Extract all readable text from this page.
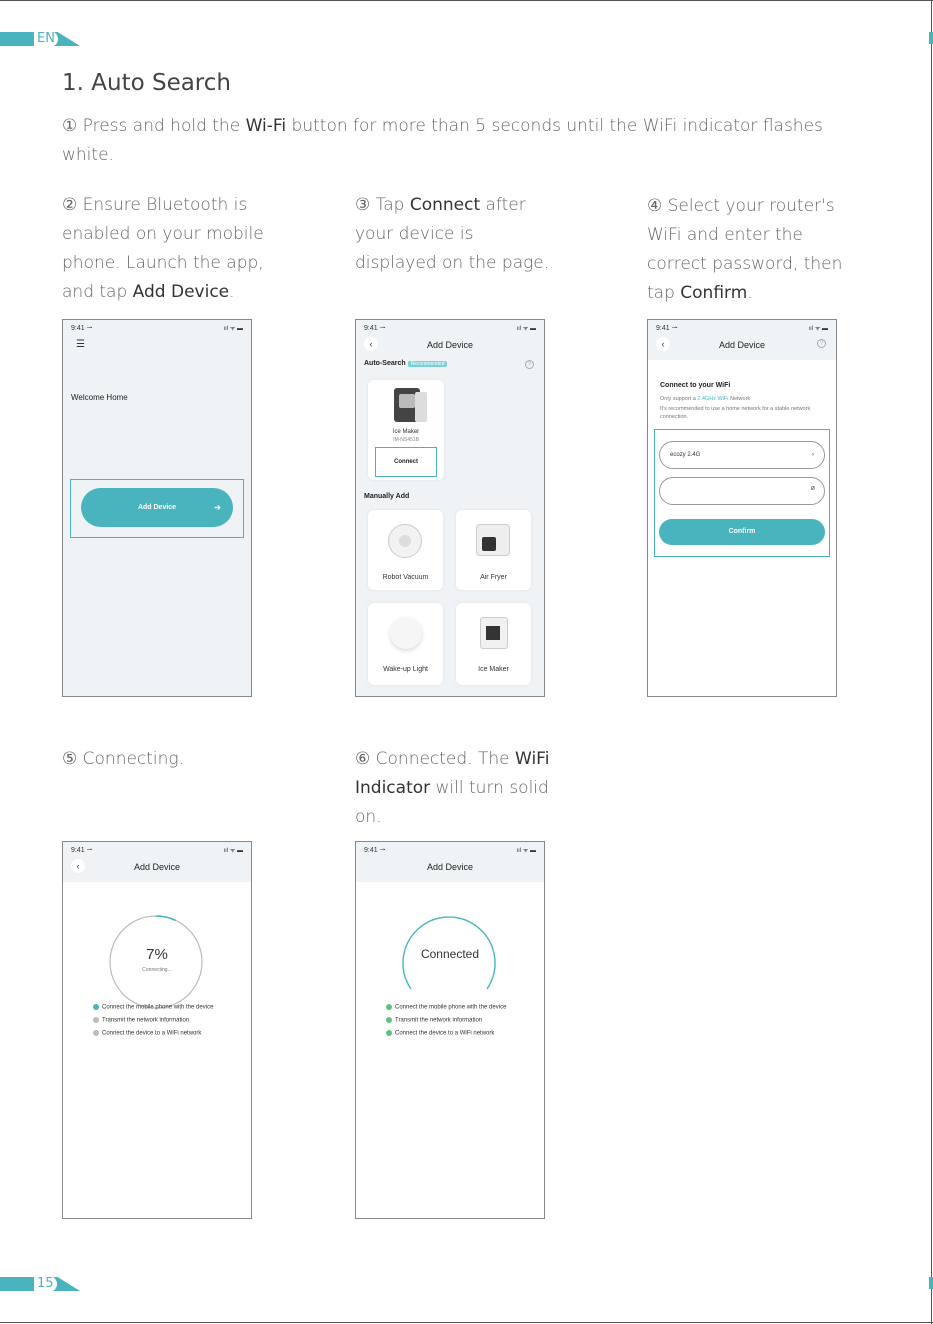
EN
1. Auto Search
① Press and hold the Wi-Fi button for more than 5 seconds until the WiFi indicator flashes white.
② Ensure Bluetooth is enabled on your mobile phone. Launch the app, and tap Add Device.
③ Tap Connect after your device is displayed on the page.
④ Select your router's WiFi and enter the correct password, then tap Confirm.
⑤ Connecting.	⑥ Connected. The WiFi Indicator will turn solid on.
9:41 ⇀	ııl ᯤ ▬
☰
Welcome Home
Add Device	➜
9:41 ⇀	ııl ᯤ ▬
‹	Add Device
Auto-Search Recommended	?
Ice Maker
IM-NS451B
Connect
Manually Add
Robot Vacuum	Air Fryer
Wake-up Light	Ice Maker
9:41 ⇀	ııl ᯤ ▬
‹	Add Device	?
Connect to your WiFi
Only support a 2.4GHz WiFi Network
It's recommended to use a home network for a stable network connection.
ecozy 2.4G	›
ø
Confirm
9:41 ⇀	ııl ᯤ ▬
‹	Add Device
7%
Connecting...
Connect the mobile phone with the device
Transmit the network information
Connect the device to a WiFi network
9:41 ⇀	ııl ᯤ ▬
Add Device
Connected
Connect the mobile phone with the device
Transmit the network information
Connect the device to a WiFi network
15
